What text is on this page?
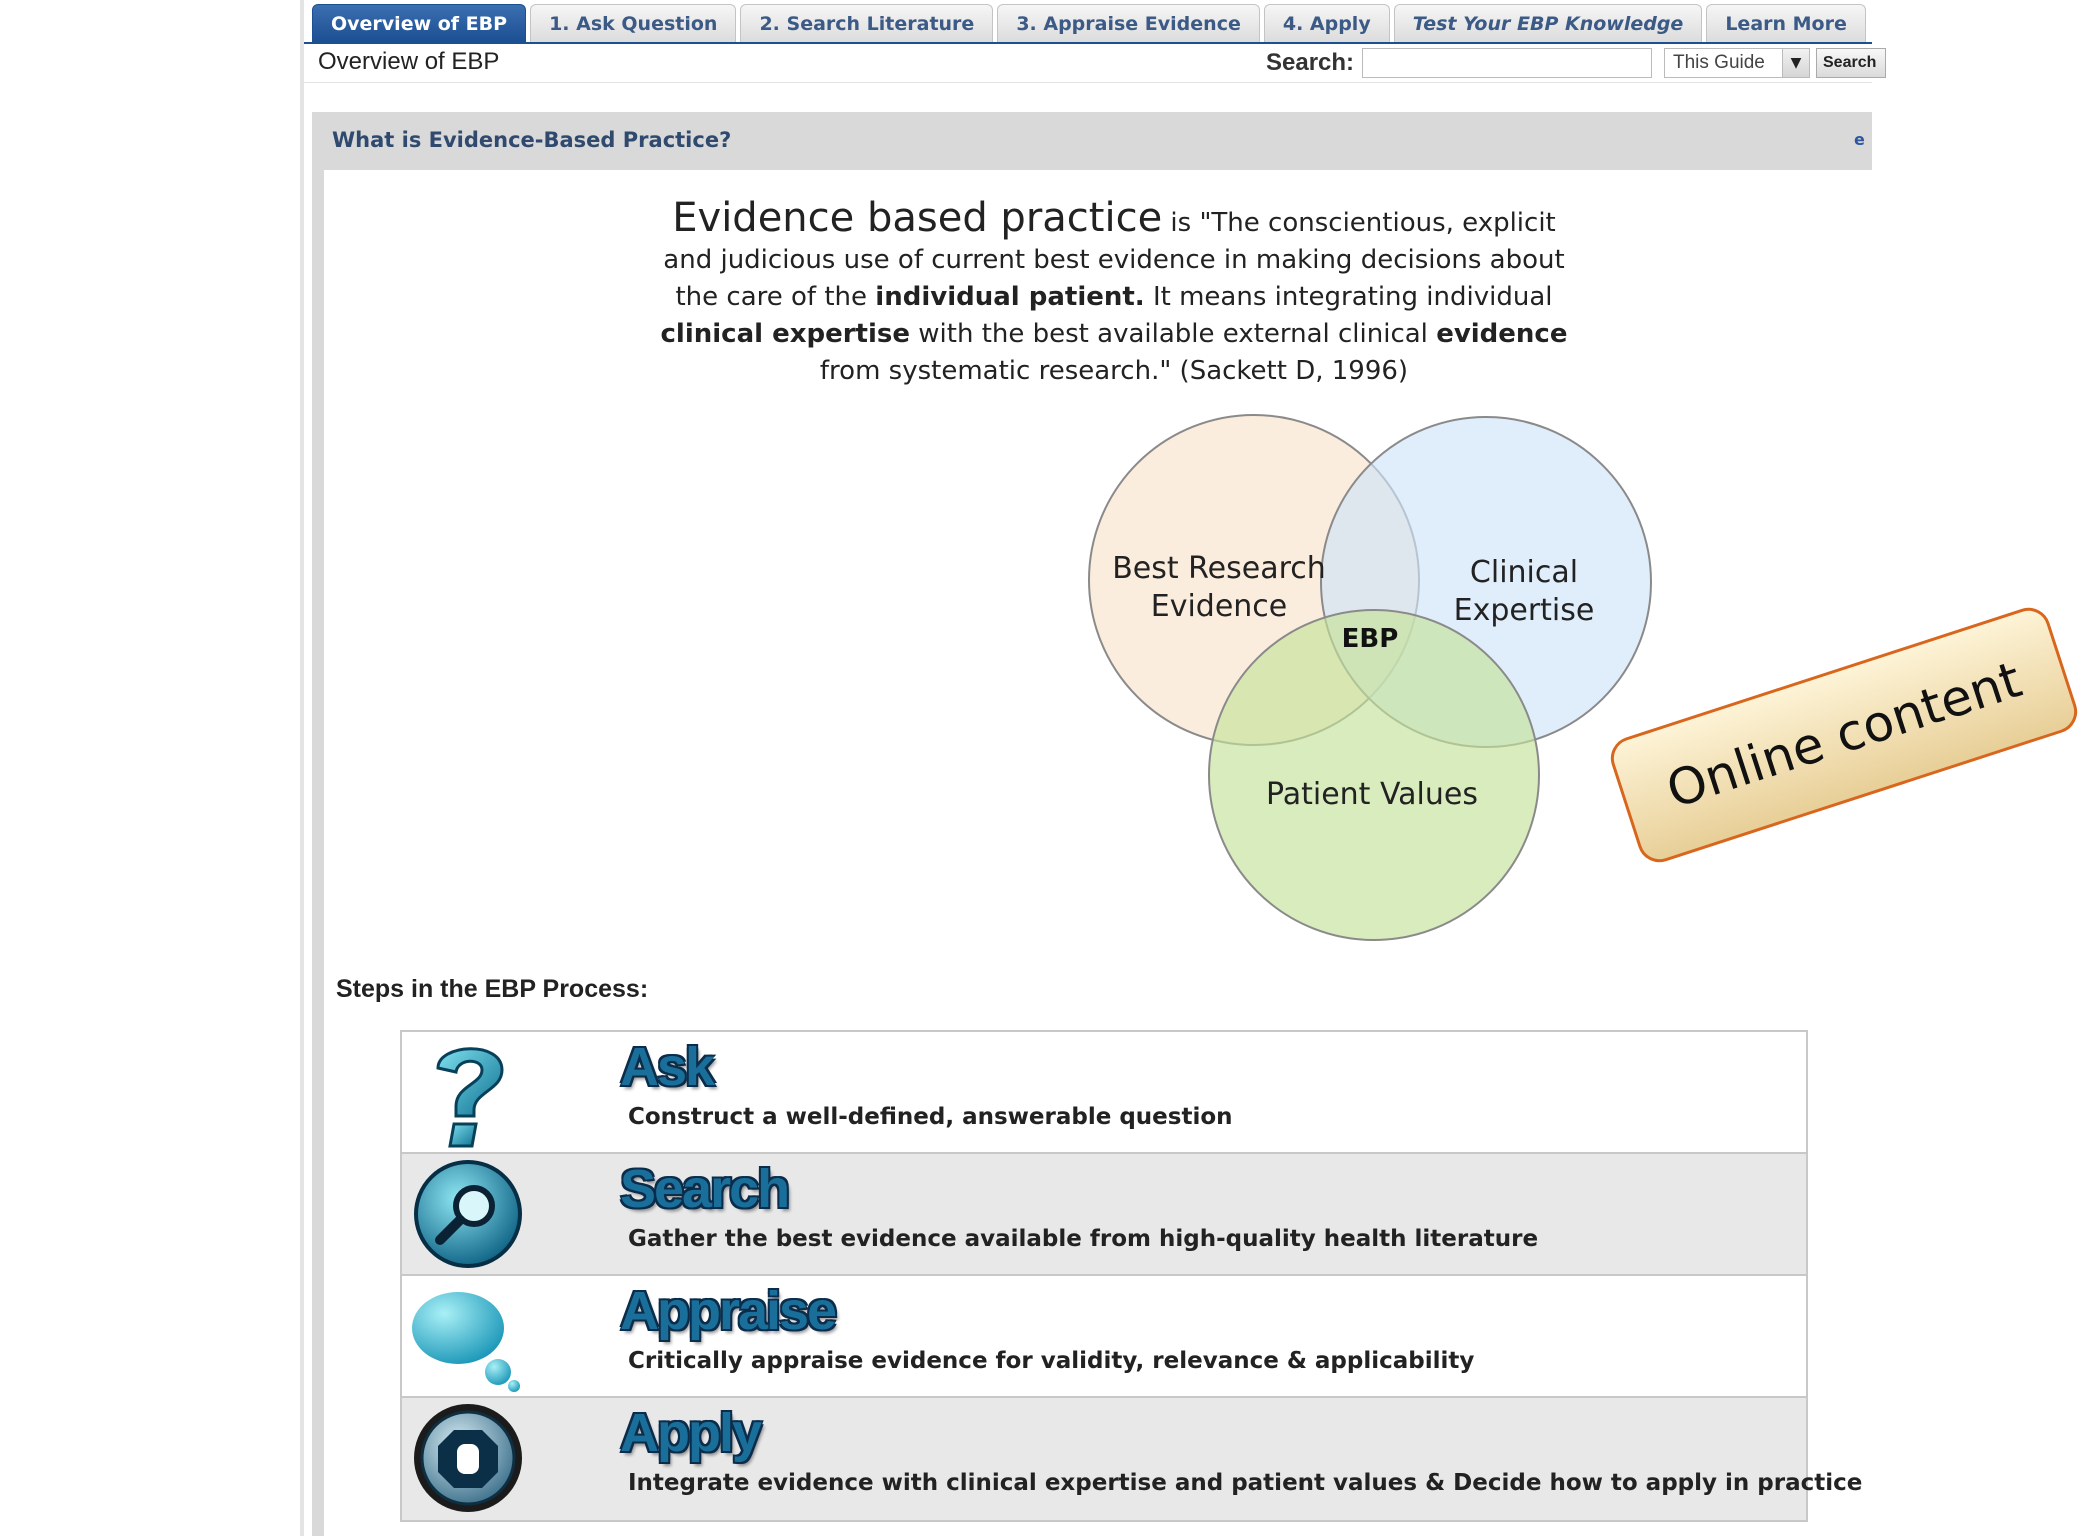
Overview of EBP	1. Ask Question	2. Search Literature	3. Appraise Evidence	4. Apply	Test Your EBP Knowledge	Learn More
Overview of EBP	Search:	This Guide	▼	Search
What is Evidence-Based Practice?	e
Evidence based practice is "The conscientious, explicit and judicious use of current best evidence in making decisions about the care of the individual patient. It means integrating individual clinical expertise with the best available external clinical evidence from systematic research." (Sackett D, 1996)
Best Research
Evidence
Clinical
Expertise
Patient Values
EBP
Online content
Steps in the EBP Process:
Ask
Construct a well-defined, answerable question
Search
Gather the best evidence available from high-quality health literature
Appraise
Critically appraise evidence for validity, relevance & applicability
Apply
Integrate evidence with clinical expertise and patient values & Decide how to apply in practice
